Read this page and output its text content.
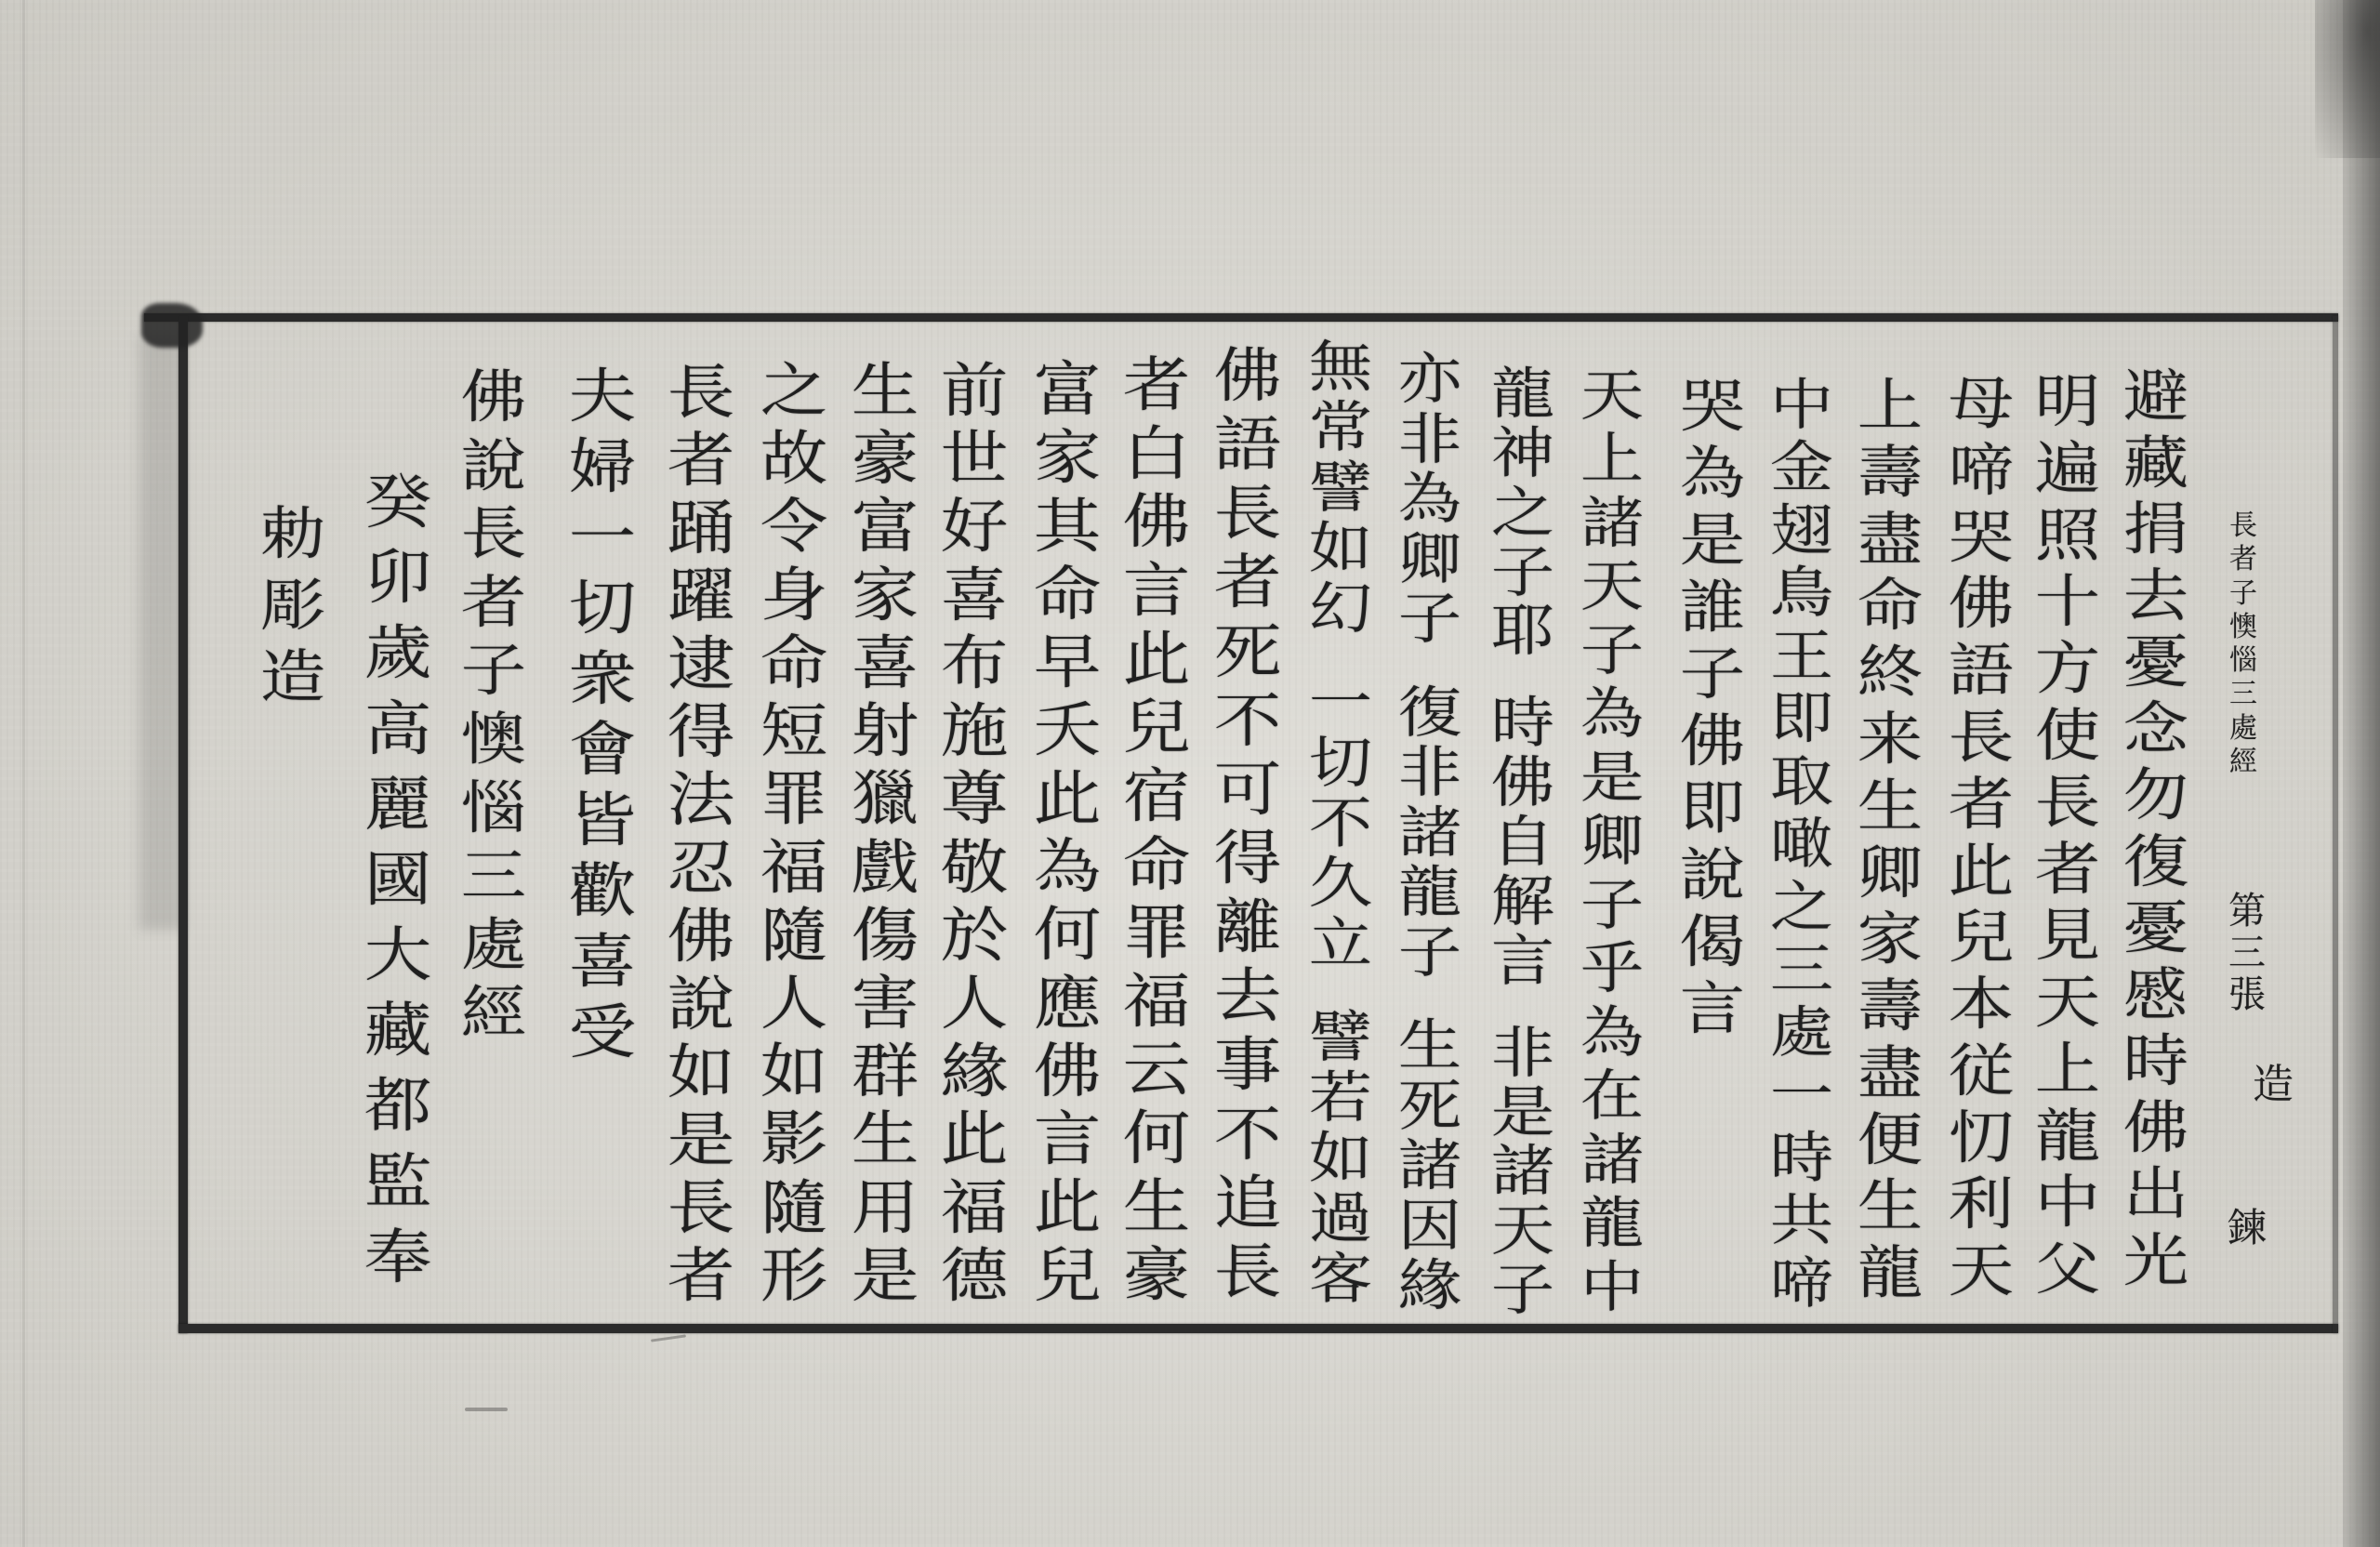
長
者
子
懊
惱
三
處
經
第
三
張
造
鍊
避
藏
捐
去
憂
念
勿
復
憂
慼
時
佛
出
光
明
遍
照
十
方
使
長
者
見
天
上
龍
中
父
母
啼
哭
佛
語
長
者
此
兒
本
従
忉
利
天
上
壽
盡
命
終
来
生
卿
家
壽
盡
便
生
龍
中
金
翅
鳥
王
即
取
噉
之
三
處
一
時
共
啼
哭
為
是
誰
子
佛
即
說
偈
言
天
上
諸
天
子
為
是
卿
子
乎
為
在
諸
龍
中
龍
神
之
子
耶
時
佛
自
解
言
非
是
諸
天
子
亦
非
為
卿
子
復
非
諸
龍
子
生
死
諸
因
緣
無
常
譬
如
幻
一
切
不
久
立
譬
若
如
過
客
佛
語
長
者
死
不
可
得
離
去
事
不
追
長
者
白
佛
言
此
兒
宿
命
罪
福
云
何
生
豪
富
家
其
命
早
夭
此
為
何
應
佛
言
此
兒
前
世
好
喜
布
施
尊
敬
於
人
緣
此
福
德
生
豪
富
家
喜
射
獵
戲
傷
害
群
生
用
是
之
故
令
身
命
短
罪
福
隨
人
如
影
隨
形
長
者
踊
躍
逮
得
法
忍
佛
說
如
是
長
者
夫
婦
一
切
衆
會
皆
歡
喜
受
佛
說
長
者
子
懊
惱
三
處
經
癸
卯
歲
高
麗
國
大
藏
都
監
奉
勅
彫
造
